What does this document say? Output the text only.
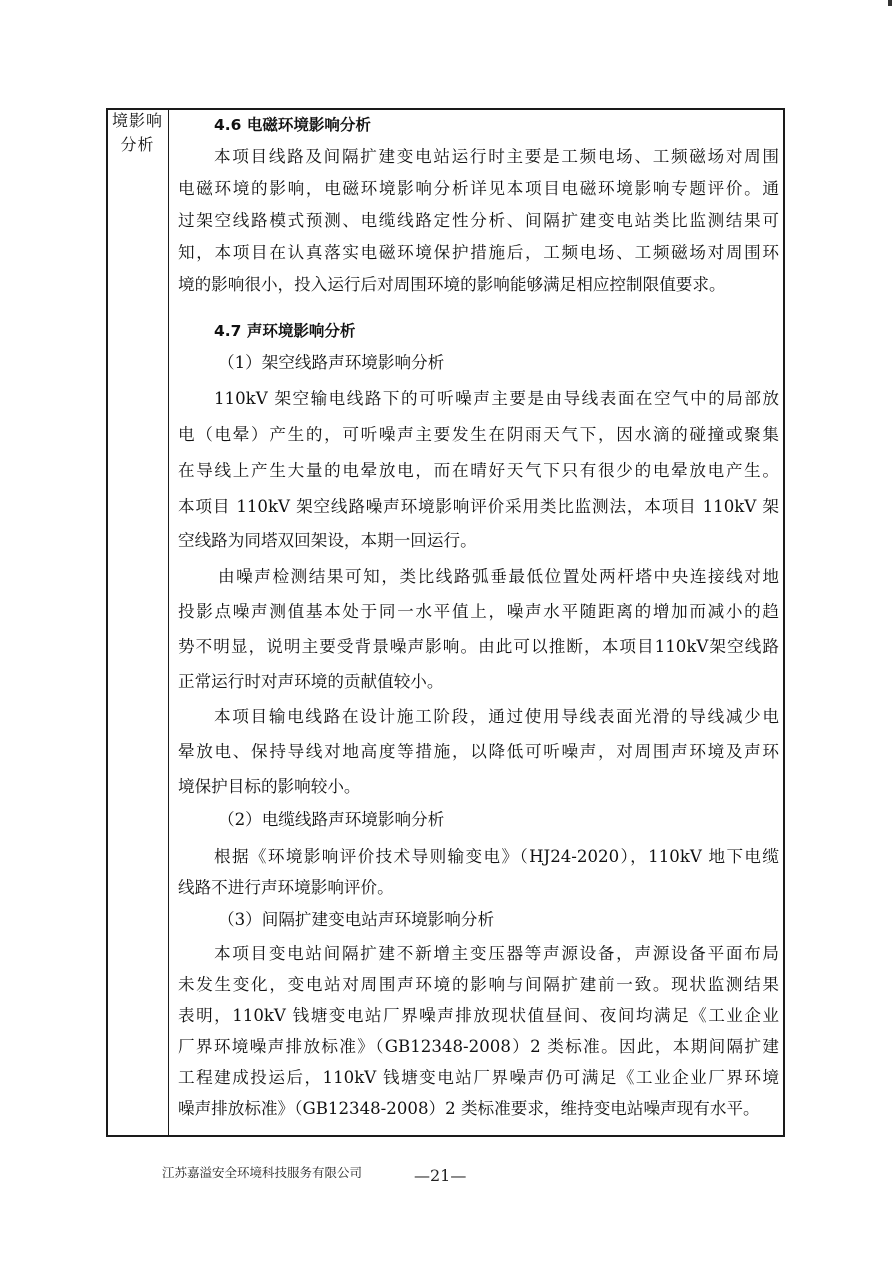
境影响
分析
4.6 电磁环境影响分析
本项目线路及间隔扩建变电站运行时主要是工频电场、工频磁场对周围
电磁环境的影响，电磁环境影响分析详见本项目电磁环境影响专题评价。通
过架空线路模式预测、电缆线路定性分析、间隔扩建变电站类比监测结果可
知，本项目在认真落实电磁环境保护措施后，工频电场、工频磁场对周围环
境的影响很小，投入运行后对周围环境的影响能够满足相应控制限值要求。
4.7 声环境影响分析
（1）架空线路声环境影响分析
110kV 架空输电线路下的可听噪声主要是由导线表面在空气中的局部放
电（电晕）产生的，可听噪声主要发生在阴雨天气下，因水滴的碰撞或聚集
在导线上产生大量的电晕放电，而在晴好天气下只有很少的电晕放电产生。
本项目 110kV 架空线路噪声环境影响评价采用类比监测法，本项目 110kV 架
空线路为同塔双回架设，本期一回运行。
由噪声检测结果可知，类比线路弧垂最低位置处两杆塔中央连接线对地
投影点噪声测值基本处于同一水平值上，噪声水平随距离的增加而减小的趋
势不明显，说明主要受背景噪声影响。由此可以推断，本项目110kV架空线路
正常运行时对声环境的贡献值较小。
本项目输电线路在设计施工阶段，通过使用导线表面光滑的导线减少电
晕放电、保持导线对地高度等措施，以降低可听噪声，对周围声环境及声环
境保护目标的影响较小。
（2）电缆线路声环境影响分析
根据《环境影响评价技术导则输变电》（HJ24-2020），110kV 地下电缆
线路不进行声环境影响评价。
（3）间隔扩建变电站声环境影响分析
本项目变电站间隔扩建不新增主变压器等声源设备，声源设备平面布局
未发生变化，变电站对周围声环境的影响与间隔扩建前一致。现状监测结果
表明，110kV 钱塘变电站厂界噪声排放现状值昼间、夜间均满足《工业企业
厂界环境噪声排放标准》（GB12348-2008）2 类标准。因此，本期间隔扩建
工程建成投运后，110kV 钱塘变电站厂界噪声仍可满足《工业企业厂界环境
噪声排放标准》（GB12348-2008）2 类标准要求，维持变电站噪声现有水平。
江苏嘉溢安全环境科技服务有限公司	—21—
